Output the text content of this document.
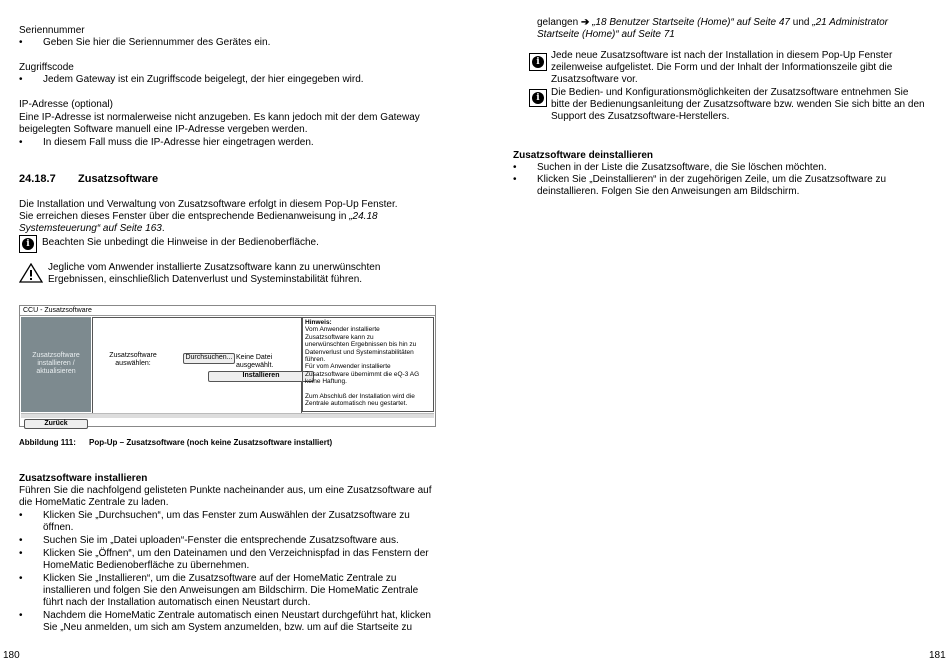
Seriennummer

• Geben Sie hier die Seriennummer des Gerätes ein.

Zugriffscode

• Jedem Gateway ist ein Zugriffscode beigelegt, der hier eingegeben wird.

IP-Adresse (optional)

Eine IP-Adresse ist normalerweise nicht anzugeben. Es kann jedoch mit der dem Gateway

beigelegten Software manuell eine IP-Adresse vergeben werden.

• In diesem Fall muss die IP-Adresse hier eingetragen werden.
24.18.7 Zusatzsoftware

Die Installation und Verwaltung von Zusatzsoftware erfolgt in diesem Pop-Up Fenster.

Sie erreichen dieses Fenster über die entsprechende Bedienanweisung in „24.18

Systemsteuerung“ auf Seite 163.

i	Beachten Sie unbedingt die Hinweise in der Bedienoberfläche.

Jegliche vom Anwender installierte Zusatzsoftware kann zu unerwünschten

Ergebnissen, einschließlich Datenverlust und Systeminstabilität führen.

CCU - Zusatzsoftware
Zusatzsoftware installieren / aktualisieren
Zusatzsoftware
auswählen:
Durchsuchen... Keine Datei ausgewählt.
Installieren
Hinweis:
Vom Anwender installierte
Zusatzsoftware kann zu
unerwünschten Ergebnissen bis hin zu
Datenverlust und Systeminstabilitäten
führen.
Für vom Anwender installierte
Zusatzsoftware übernimmt die eQ-3 AG
keine Haftung.
Zum Abschluß der Installation wird die
Zentrale automatisch neu gestartet.
Zurück
Abbildung 111: Pop-Up – Zusatzsoftware (noch keine Zusatzsoftware installiert)

Zusatzsoftware installieren

Führen Sie die nachfolgend gelisteten Punkte nacheinander aus, um eine Zusatzsoftware auf

die HomeMatic Zentrale zu laden.

• Klicken Sie „Durchsuchen“, um das Fenster zum Auswählen der Zusatzsoftware zu
öffnen.
• Suchen Sie im „Datei uploaden“-Fenster die entsprechende Zusatzsoftware aus.
• Klicken Sie „Öffnen“, um den Dateinamen und den Verzeichnispfad in das Fenstern der
HomeMatic Bedienoberfläche zu übernehmen.
• Klicken Sie „Installieren“, um die Zusatzsoftware auf der HomeMatic Zentrale zu
installieren und folgen Sie den Anweisungen am Bildschirm. Die HomeMatic Zentrale
führt nach der Installation automatisch einen Neustart durch.
• Nachdem die HomeMatic Zentrale automatisch einen Neustart durchgeführt hat, klicken
Sie „Neu anmelden, um sich am System anzumelden, bzw. um auf die Startseite zu
180

gelangen ➔ „18 Benutzer Startseite (Home)“ auf Seite 47 und „21 Administrator

Startseite (Home)“ auf Seite 71

i

Jede neue Zusatzsoftware ist nach der Installation in diesem Pop-Up Fenster

zeilenweise aufgelistet. Die Form und der Inhalt der Informationszeile gibt die

Zusatzsoftware vor.

i	Die Bedien- und Konfigurationsmöglichkeiten der Zusatzsoftware entnehmen Sie

bitte der Bedienungsanleitung der Zusatzsoftware bzw. wenden Sie sich bitte an den

Support des Zusatzsoftware-Herstellers.

Zusatzsoftware deinstallieren

• Suchen in der Liste die Zusatzsoftware, die Sie löschen möchten.
• Klicken Sie „Deinstallieren“ in der zugehörigen Zeile, um die Zusatzsoftware zu
deinstallieren. Folgen Sie den Anweisungen am Bildschirm.
181
